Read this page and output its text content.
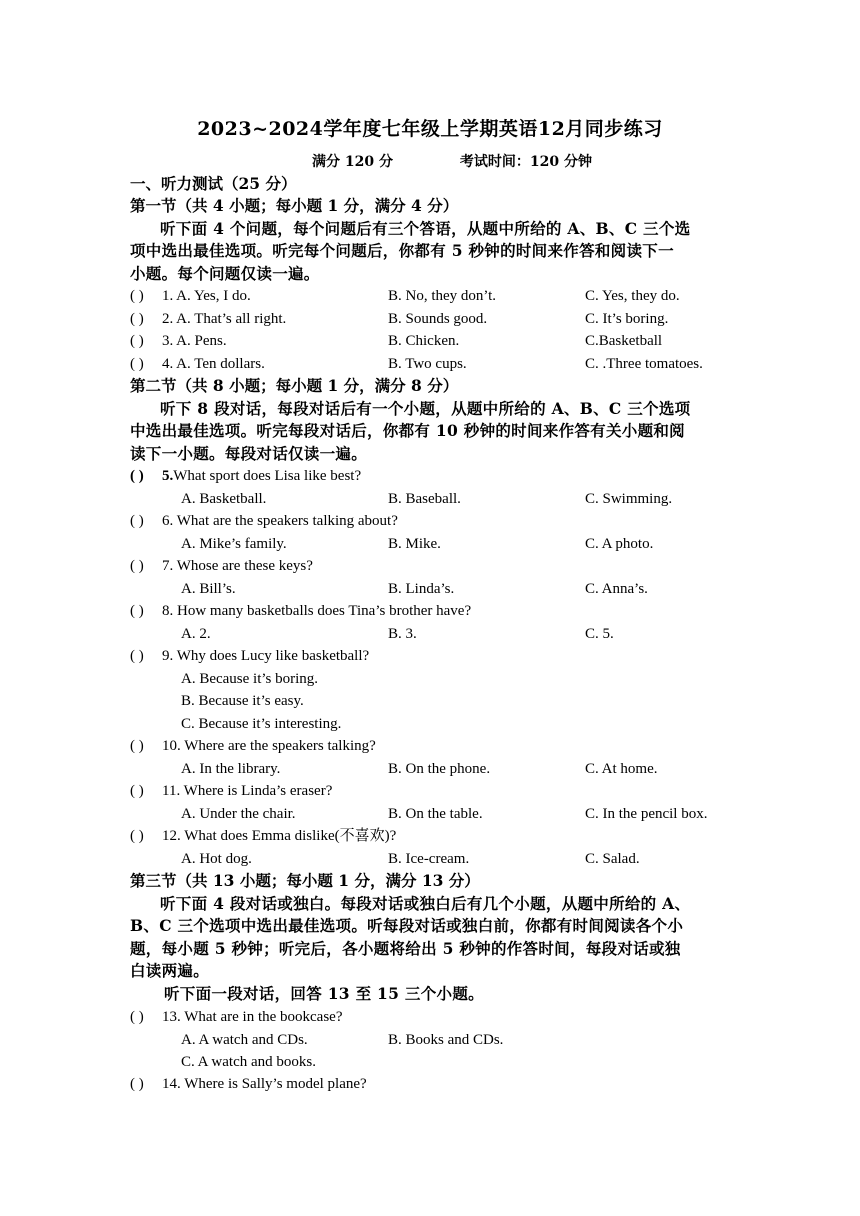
2023~2024学年度七年级上学期英语12月同步练习
满分 120 分	考试时间：120 分钟
一、听力测试（25 分）
第一节（共 4 小题；每小题 1 分，满分 4 分）
听下面 4 个问题，每个问题后有三个答语，从题中所给的 A、B、C 三个选
项中选出最佳选项。听完每个问题后，你都有 5 秒钟的时间来作答和阅读下一
小题。每个问题仅读一遍。
( ) 1. A. Yes, I do.	B. No, they don’t.	C. Yes, they do.
( ) 2. A. That’s all right.	B. Sounds good.	C. It’s boring.
( ) 3. A. Pens.	B. Chicken.	C.Basketball
( ) 4. A. Ten dollars.	B. Two cups.	C. .Three tomatoes.
第二节（共 8 小题；每小题 1 分，满分 8 分）
听下 8 段对话，每段对话后有一个小题，从题中所给的 A、B、C 三个选项
中选出最佳选项。听完每段对话后，你都有 10 秒钟的时间来作答有关小题和阅
读下一小题。每段对话仅读一遍。
( ) 5.What sport does Lisa like best?
A. Basketball.	B. Baseball.	C. Swimming.
( ) 6. What are the speakers talking about?
A. Mike’s family.	B. Mike.	C. A photo.
( ) 7. Whose are these keys?
A. Bill’s.	B. Linda’s.	C. Anna’s.
( ) 8. How many basketballs does Tina’s brother have?
A. 2.	B. 3.	C. 5.
( ) 9. Why does Lucy like basketball?
A. Because it’s boring.
B. Because it’s easy.
C. Because it’s interesting.
( ) 10. Where are the speakers talking?
A. In the library.	B. On the phone.	C. At home.
( ) 11. Where is Linda’s eraser?
A. Under the chair.	B. On the table.	C. In the pencil box.
( ) 12. What does Emma dislike(不喜欢)?
A. Hot dog.	B. Ice-cream.	C. Salad.
第三节（共 13 小题；每小题 1 分，满分 13 分）
听下面 4 段对话或独白。每段对话或独白后有几个小题，从题中所给的 A、
B、C 三个选项中选出最佳选项。听每段对话或独白前，你都有时间阅读各个小
题，每小题 5 秒钟；听完后，各小题将给出 5 秒钟的作答时间，每段对话或独
白读两遍。
听下面一段对话，回答 13 至 15 三个小题。
( ) 13. What are in the bookcase?
A. A watch and CDs.	B. Books and CDs.
C. A watch and books.
( ) 14. Where is Sally’s model plane?
